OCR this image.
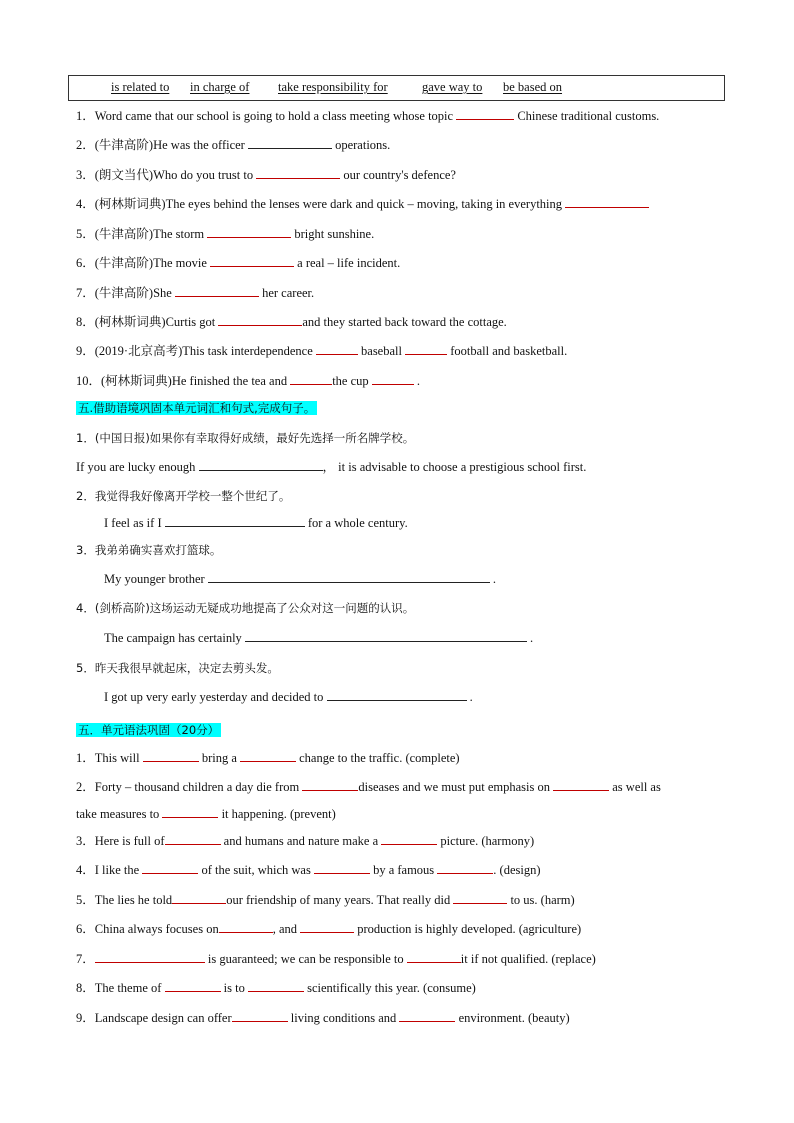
is related to in charge of take responsibility for	gave way to be based on
1．Word came that our school is going to hold a class meeting whose topic	Chinese traditional customs.
2．(牛津高阶)He was the officer	operations.
3．(朗文当代)Who do you trust to	our country's defence?
4．(柯林斯词典)The eyes behind the lenses were dark and quick – moving, taking in everything
5．(牛津高阶)The storm	bright sunshine.
6．(牛津高阶)The movie	a real – life incident.
7．(牛津高阶)She	her career.
8．(柯林斯词典)Curtis got	and they started back toward the cottage.
9．(2019·北京高考)This task interdependence	baseball	football and basketball.
10．(柯林斯词典)He finished the tea and	the cup	.
五.借助语境巩固本单元词汇和句式,完成句子。
1．(中国日报)如果你有幸取得好成绩，最好先选择一所名牌学校。
If you are lucky enough	， it is advisable to choose a prestigious school first.
2．我觉得我好像离开学校一整个世纪了。
I feel as if I	for a whole century.
3．我弟弟确实喜欢打篮球。
My younger brother	.
4．(剑桥高阶)这场运动无疑成功地提高了公众对这一问题的认识。
The campaign has certainly	.
5．昨天我很早就起床，决定去剪头发。
I got up very early yesterday and decided to	.
五．单元语法巩固（20分）
1．This will	bring a	change to the traffic. (complete)
2．Forty – thousand children a day die from	diseases and we must put emphasis on	as well as
take measures to	it happening. (prevent)
3．Here is full of	and humans and nature make a	picture. (harmony)
4．I like the	of the suit, which was	by a famous	. (design)
5．The lies he told	our friendship of many years. That really did	to us. (harm)
6．China always focuses on	, and	production is highly developed. (agriculture)
7．	is guaranteed; we can be responsible to	it if not qualified. (replace)
8．The theme of	is to	scientifically this year. (consume)
9．Landscape design can offer	living conditions and	environment. (beauty)
